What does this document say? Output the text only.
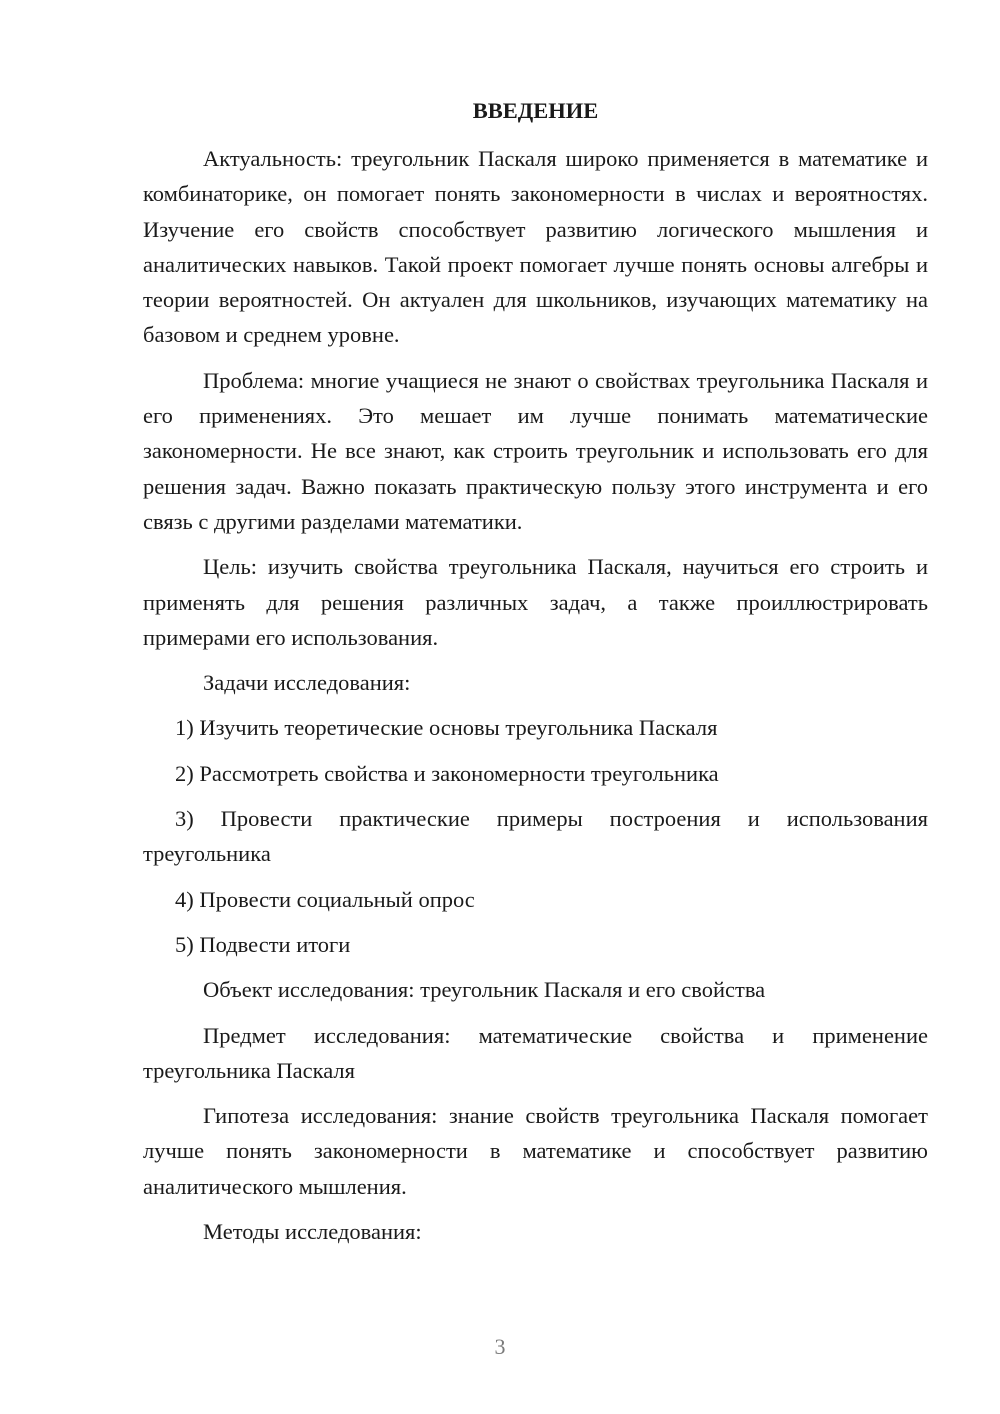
ВВЕДЕНИЕ

Актуальность: треугольник Паскаля широко применяется в математике и комбинаторике, он помогает понять закономерности в числах и вероятностях. Изучение его свойств способствует развитию логического мышления и аналитических навыков. Такой проект помогает лучше понять основы алгебры и теории вероятностей. Он актуален для школьников, изучающих математику на базовом и среднем уровне.

Проблема: многие учащиеся не знают о свойствах треугольника Паскаля и его применениях. Это мешает им лучше понимать математические закономерности. Не все знают, как строить треугольник и использовать его для решения задач. Важно показать практическую пользу этого инструмента и его связь с другими разделами математики.

Цель: изучить свойства треугольника Паскаля, научиться его строить и применять для решения различных задач, а также проиллюстрировать примерами его использования.

Задачи исследования:

1) Изучить теоретические основы треугольника Паскаля

2) Рассмотреть свойства и закономерности треугольника

3) Провести практические примеры построения и использования треугольника

4) Провести социальный опрос

5) Подвести итоги

Объект исследования: треугольник Паскаля и его свойства

Предмет исследования: математические свойства и применение треугольника Паскаля

Гипотеза исследования: знание свойств треугольника Паскаля помогает лучше понять закономерности в математике и способствует развитию аналитического мышления.

Методы исследования:

3
